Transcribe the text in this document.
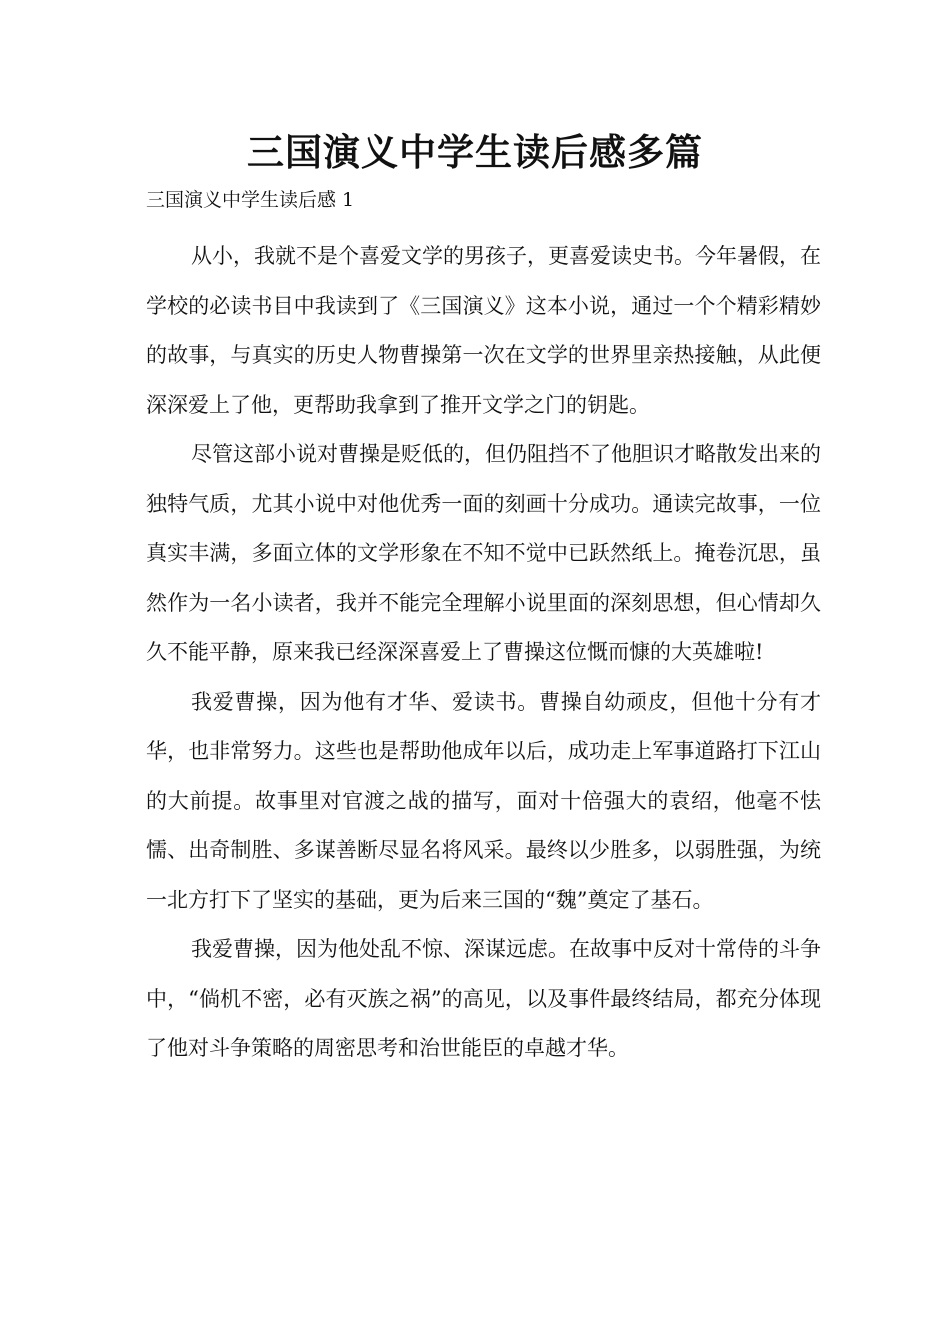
三国演义中学生读后感多篇
三国演义中学生读后感 1

从小，我就不是个喜爱文学的男孩子，更喜爱读史书。今年暑假，在学校的必读书目中我读到了《三国演义》这本小说，通过一个个精彩精妙的故事，与真实的历史人物曹操第一次在文学的世界里亲热接触，从此便深深爱上了他，更帮助我拿到了推开文学之门的钥匙。

尽管这部小说对曹操是贬低的，但仍阻挡不了他胆识才略散发出来的独特气质，尤其小说中对他优秀一面的刻画十分成功。通读完故事，一位真实丰满，多面立体的文学形象在不知不觉中已跃然纸上。掩卷沉思，虽然作为一名小读者，我并不能完全理解小说里面的深刻思想，但心情却久久不能平静，原来我已经深深喜爱上了曹操这位慨而慷的大英雄啦!

我爱曹操，因为他有才华、爱读书。曹操自幼顽皮，但他十分有才华，也非常努力。这些也是帮助他成年以后，成功走上军事道路打下江山的大前提。故事里对官渡之战的描写，面对十倍强大的袁绍，他毫不怯懦、出奇制胜、多谋善断尽显名将风采。最终以少胜多，以弱胜强，为统一北方打下了坚实的基础，更为后来三国的“魏”奠定了基石。

我爱曹操，因为他处乱不惊、深谋远虑。在故事中反对十常侍的斗争中，“倘机不密，必有灭族之祸”的高见，以及事件最终结局，都充分体现了他对斗争策略的周密思考和治世能臣的卓越才华。
